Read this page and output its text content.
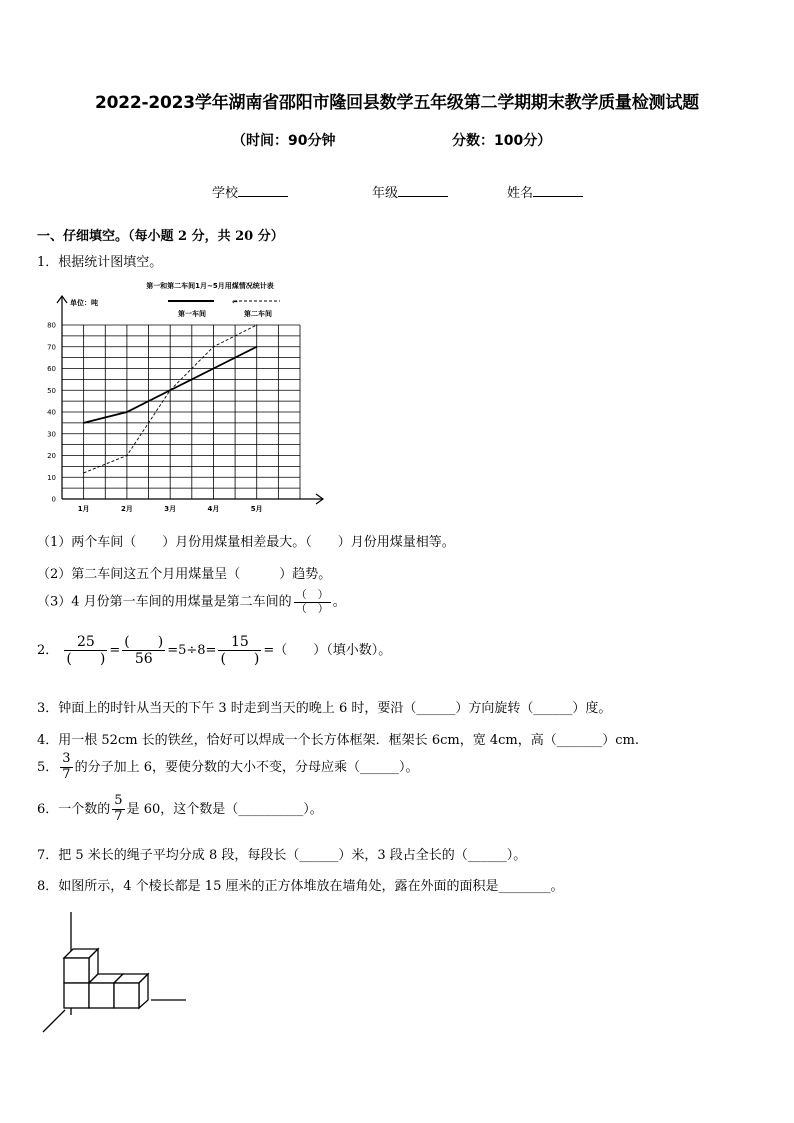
2022-2023学年湖南省邵阳市隆回县数学五年级第二学期期末教学质量检测试题
（时间：90分钟	分数：100分）
学校	年级	姓名
一、仔细填空。（每小题 2 分，共 20 分）
1．根据统计图填空。
第一和第二车间1月~5月用煤情况统计表
单位：吨
第一车间
←
第二车间
0
10
20
30
40
50
60
70
80
1月	2月	3月	4月	5月
（1）两个车间（　　）月份用煤量相差最大。（　　）月份用煤量相等。
（2）第二车间这五个月用煤量呈（　　　）趋势。
（3）4 月份第一车间的用煤量是第二车间的 $\frac{( )}{( )}$ 。
2． $\frac{25}{( )} = \frac{( )}{56} =5\div 8= \frac{15}{( )}$ =（　　）（填小数）。
3．钟面上的时针从当天的下午 3 时走到当天的晚上 6 时，要沿（______）方向旋转（______）度。
4．用一根 52cm 长的铁丝，恰好可以焊成一个长方体框架．框架长 6cm，宽 4cm，高（_______）cm.
5． $\frac{3}{7}$ 的分子加上 6，要使分数的大小不变，分母应乘（______）。
6．一个数的 $\frac{5}{7}$ 是 60，这个数是（__________）。
7．把 5 米长的绳子平均分成 8 段，每段长（______）米，3 段占全长的（______）。
8．如图所示，4 个棱长都是 15 厘米的正方体堆放在墙角处，露在外面的面积是________。
